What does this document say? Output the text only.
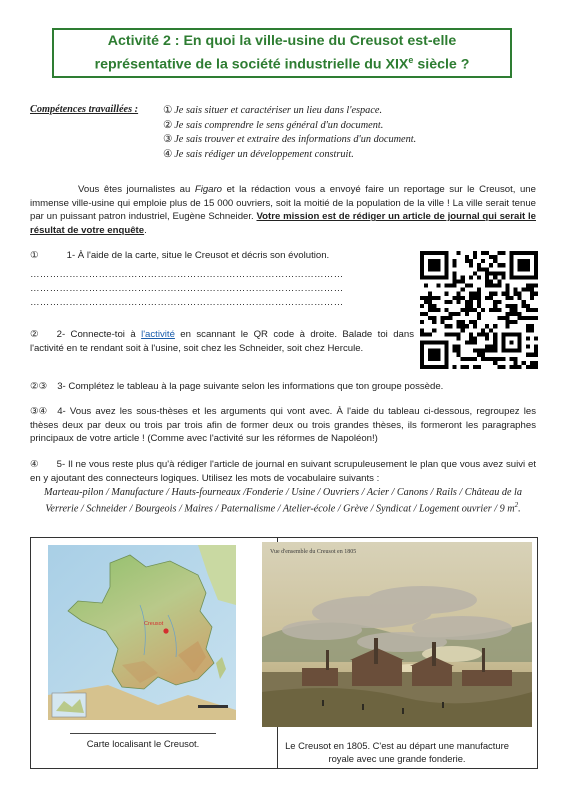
Activité 2 : En quoi la ville-usine du Creusot est-elle
représentative de la société industrielle du XIXe siècle ?
Compétences travaillées : ① Je sais situer et caractériser un lieu dans l'espace.
② Je sais comprendre le sens général d'un document.
③ Je sais trouver et extraire des informations d'un document.
④ Je sais rédiger un développement construit.
Vous êtes journalistes au Figaro et la rédaction vous a envoyé faire un reportage sur le Creusot, une immense ville-usine qui emploie plus de 15 000 ouvriers, soit la moitié de la population de la ville ! La ville serait tenue par un puissant patron industriel, Eugène Schneider. Votre mission est de rédiger un article de journal qui serait le résultat de votre enquête.
①	1- À l'aide de la carte, situe le Creusot et décris son évolution.
……………………………………………………………………………………
……………………………………………………………………………………
……………………………………………………………………………………
② 2- Connecte-toi à l'activité en scannant le QR code à droite. Balade toi dans l'activité en te rendant soit à l'usine, soit chez les Schneider, soit chez Hercule.
②③ 3- Complétez le tableau à la page suivante selon les informations que ton groupe possède.
③④ 4- Vous avez les sous-thèses et les arguments qui vont avec. À l'aide du tableau ci-dessous, regroupez les thèses deux par deux ou trois par trois afin de former deux ou trois grandes thèses, ils formeront les paragraphes principaux de votre article ! (Comme avec l'activité sur les réformes de Napoléon!)
④ 5- Il ne vous reste plus qu'à rédiger l'article de journal en suivant scrupuleusement le plan que vous avez suivi et en y ajoutant des connecteurs logiques. Utilisez les mots de vocabulaire suivants :
Marteau-pilon / Manufacture / Hauts-fourneaux /Fonderie / Usine / Ouvriers / Acier / Canons / Rails / Château de la Verrerie / Schneider / Bourgeois / Maires / Paternalisme / Atelier-école / Grève / Syndicat / Logement ouvrier / 9 $m^2$.
Creusot
Vue d'ensemble du Creusot en 1805
Carte localisant le Creusot.	Le Creusot en 1805. C'est au départ une manufacture
royale avec une grande fonderie.
